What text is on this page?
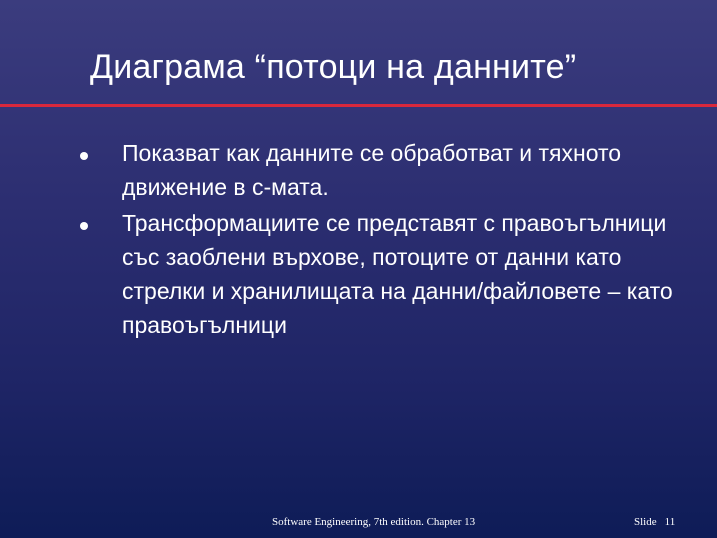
Диаграма “потоци на данните”
Показват как данните се обработват и тяхното движение в с-мата.
Трансформациите се представят с правоъгълници със заоблени върхове, потоците от данни като стрелки и хранилищата на данни/файловете – като правоъгълници
Software Engineering, 7th edition. Chapter 13	Slide 11
